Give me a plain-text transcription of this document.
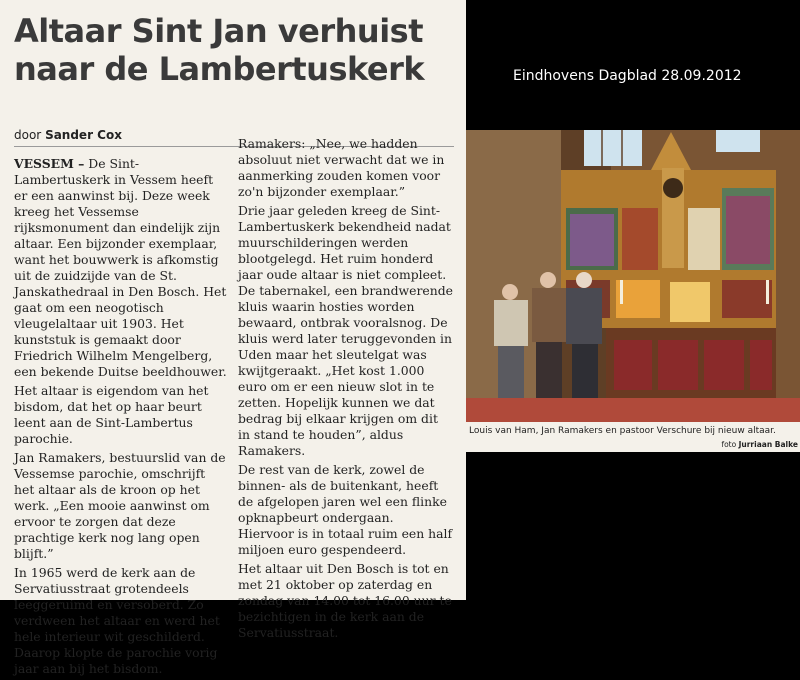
Altaar Sint Jan verhuist naar de Lambertuskerk
door Sander Cox

VESSEM – De Sint-Lambertuskerk in Vessem heeft er een aanwinst bij. Deze week kreeg het Vessemse rijksmonument dan eindelijk zijn altaar. Een bijzonder exemplaar, want het bouwwerk is afkomstig uit de zuidzijde van de St. Janskathedraal in Den Bosch. Het gaat om een neogotisch vleugelaltaar uit 1903. Het kunststuk is gemaakt door Friedrich Wilhelm Mengelberg, een bekende Duitse beeldhouwer.

Het altaar is eigendom van het bisdom, dat het op haar beurt leent aan de Sint-Lambertus parochie.

Jan Ramakers, bestuurslid van de Vessemse parochie, omschrijft het altaar als de kroon op het werk. „Een mooie aanwinst om ervoor te zorgen dat deze prachtige kerk nog lang open blijft.”

In 1965 werd de kerk aan de Servatiusstraat grotendeels leeggeruimd en versoberd. Zo verdween het altaar en werd het hele interieur wit geschilderd. Daarop klopte de parochie vorig jaar aan bij het bisdom.

Ramakers: „Nee, we hadden absoluut niet verwacht dat we in aanmerking zouden komen voor zo'n bijzonder exemplaar.”

Drie jaar geleden kreeg de Sint-Lambertuskerk bekendheid nadat muurschilderingen werden blootgelegd. Het ruim honderd jaar oude altaar is niet compleet. De tabernakel, een brandwerende kluis waarin hosties worden bewaard, ontbrak vooralsnog. De kluis werd later teruggevonden in Uden maar het sleutelgat was kwijtgeraakt. „Het kost 1.000 euro om er een nieuw slot in te zetten. Hopelijk kunnen we dat bedrag bij elkaar krijgen om dit in stand te houden”, aldus Ramakers.

De rest van de kerk, zowel de binnen- als de buitenkant, heeft de afgelopen jaren wel een flinke opknapbeurt ondergaan. Hiervoor is in totaal ruim een half miljoen euro gespendeerd.

Het altaar uit Den Bosch is tot en met 21 oktober op zaterdag en zondag van 14.00 tot 16.00 uur te bezichtigen in de kerk aan de Servatiusstraat.

Eindhovens Dagblad 28.09.2012
Louis van Ham, Jan Ramakers en pastoor Verschure bij nieuw altaar.
foto Jurriaan Balke
